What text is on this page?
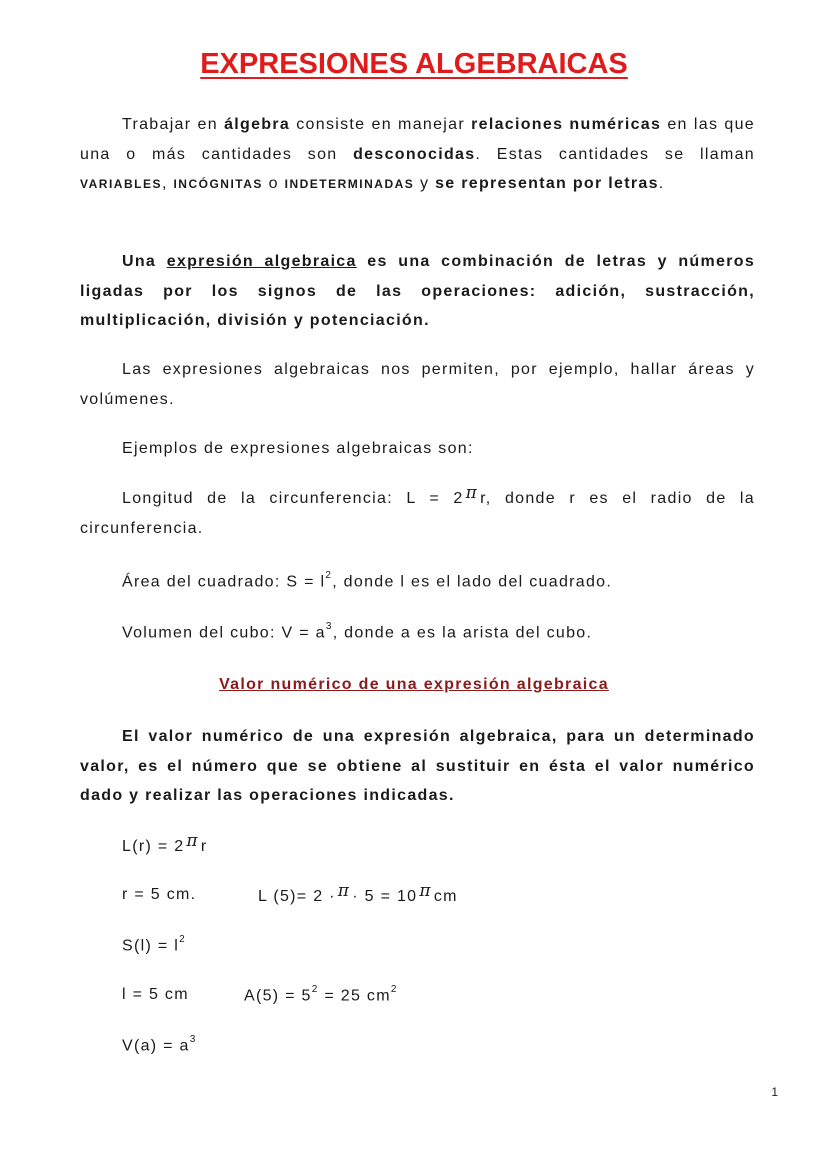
EXPRESIONES ALGEBRAICAS

Trabajar en álgebra consiste en manejar relaciones numéricas en las que una o más cantidades son desconocidas. Estas cantidades se llaman VARIABLES, INCÓGNITAS o INDETERMINADAS y se representan por letras.

Una expresión algebraica es una combinación de letras y números ligadas por los signos de las operaciones: adición, sustracción, multiplicación, división y potenciación.

Las expresiones algebraicas nos permiten, por ejemplo, hallar áreas y volúmenes.

Ejemplos de expresiones algebraicas son:

Longitud de la circunferencia: L = 2 π r, donde r es el radio de la circunferencia.

Área del cuadrado: $S = l^2$, donde l es el lado del cuadrado.

Volumen del cubo: $V = a^3$, donde a es la arista del cubo.

Valor numérico de una expresión algebraica

El valor numérico de una expresión algebraica, para un determinado valor, es el número que se obtiene al sustituir en ésta el valor numérico dado y realizar las operaciones indicadas.

L(r) = 2 π r

r = 5 cm.	L (5)= 2 · π · 5 = 10 π cm

$S(l) = l^2$

l = 5 cm	$A(5) = 5^2 = 25$ $cm^2$

$V(a) = a^3$

1
